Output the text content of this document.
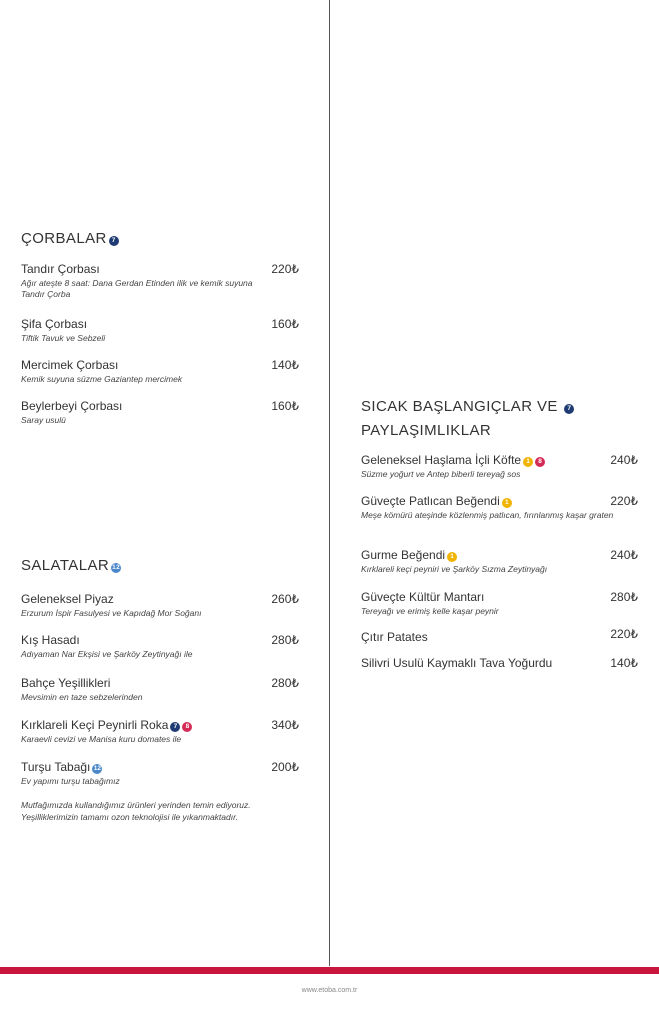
ÇORBALAR 7
Tandır Çorbası
Ağır ateşte 8 saat: Dana Gerdan Etinden ilik ve kemik suyuna Tandır Çorba
220₺
Şifa Çorbası
Tiftik Tavuk ve Sebzeli
160₺
Mercimek Çorbası
Kemik suyuna süzme Gaziantep mercimek
140₺
Beylerbeyi Çorbası
Saray usulü
160₺
SALATALAR 12
Geleneksel Piyaz
Erzurum İspir Fasulyesi ve Kapıdağ Mor Soğanı
260₺
Kış Hasadı
Adıyaman Nar Ekşisi ve Şarköy Zeytinyağı ile
280₺
Bahçe Yeşillikleri
Mevsimin en taze sebzelerinden
280₺
Kırklareli Keçi Peynirli Roka 7 8
Karaevli cevizi ve Manisa kuru domates ile
340₺
Turşu Tabağı 12
Ev yapımı turşu tabağımız
200₺
Mutfağımızda kullandığımız ürünleri yerinden temin ediyoruz. Yeşilliklerimizin tamamı ozon teknolojisi ile yıkanmaktadır.
SICAK BAŞLANGIÇLAR VE 7
PAYLAŞIMLIKLAR
Geleneksel Haşlama İçli Köfte 1 8
Süzme yoğurt ve Antep biberli tereyağ sos
240₺
Güveçte Patlıcan Beğendi 1
Meşe kömürü ateşinde közlenmiş patlıcan, fırınlanmış kaşar graten
220₺
Gurme Beğendi 1
Kırklareli keçi peyniri ve Şarköy Sızma Zeytinyağı
240₺
Güveçte Kültür Mantarı
Tereyağı ve erimiş kelle kaşar peynir
280₺
Çıtır Patates	220₺
Silivri Usulü Kaymaklı Tava Yoğurdu	140₺
www.etoba.com.tr
